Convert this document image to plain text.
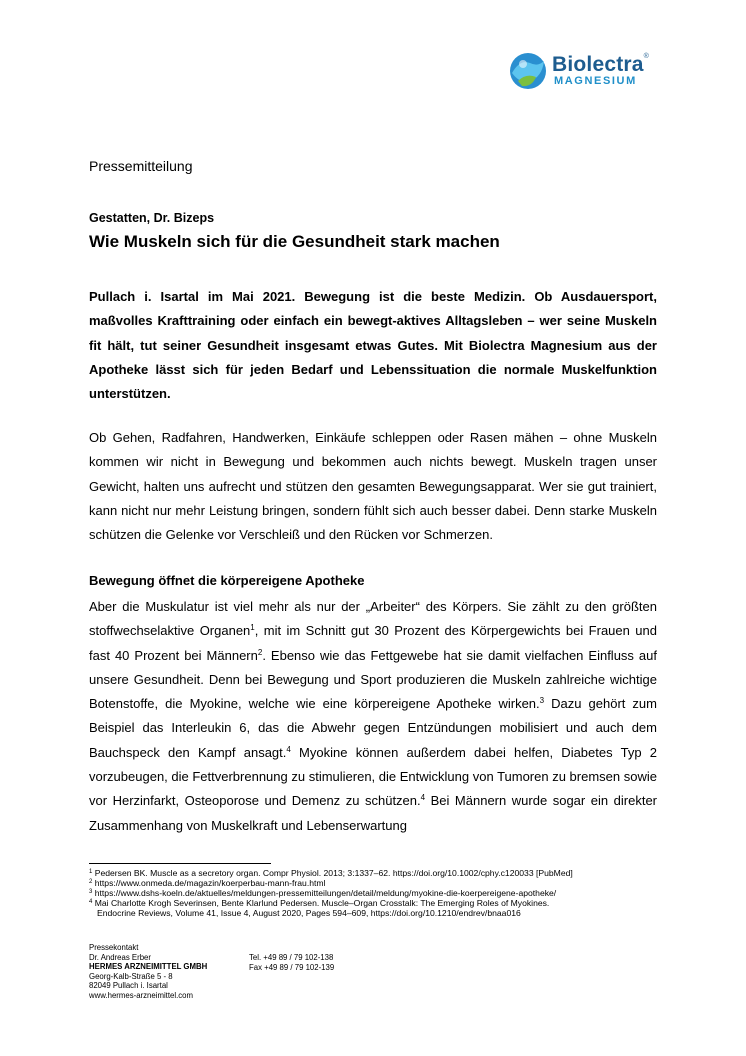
Biolectra®
MAGNESIUM
Pressemitteilung
Gestatten, Dr. Bizeps
Wie Muskeln sich für die Gesundheit stark machen
Pullach i. Isartal im Mai 2021. Bewegung ist die beste Medizin. Ob Ausdauersport, maßvolles Krafttraining oder einfach ein bewegt-aktives Alltagsleben – wer seine Muskeln fit hält, tut seiner Gesundheit insgesamt etwas Gutes. Mit Biolectra Magnesium aus der Apotheke lässt sich für jeden Bedarf und Lebenssituation die normale Muskelfunktion unterstützen.
Ob Gehen, Radfahren, Handwerken, Einkäufe schleppen oder Rasen mähen – ohne Muskeln kommen wir nicht in Bewegung und bekommen auch nichts bewegt. Muskeln tragen unser Gewicht, halten uns aufrecht und stützen den gesamten Bewegungsapparat. Wer sie gut trainiert, kann nicht nur mehr Leistung bringen, sondern fühlt sich auch besser dabei. Denn starke Muskeln schützen die Gelenke vor Verschleiß und den Rücken vor Schmerzen.
Bewegung öffnet die körpereigene Apotheke
Aber die Muskulatur ist viel mehr als nur der „Arbeiter“ des Körpers. Sie zählt zu den größten stoffwechselaktive Organen$^1$, mit im Schnitt gut 30 Prozent des Körpergewichts bei Frauen und fast 40 Prozent bei Männern$^2$. Ebenso wie das Fettgewebe hat sie damit vielfachen Einfluss auf unsere Gesundheit. Denn bei Bewegung und Sport produzieren die Muskeln zahlreiche wichtige Botenstoffe, die Myokine, welche wie eine körpereigene Apotheke wirken.$^3$ Dazu gehört zum Beispiel das Interleukin 6, das die Abwehr gegen Entzündungen mobilisiert und auch dem Bauchspeck den Kampf ansagt.$^4$ Myokine können außerdem dabei helfen, Diabetes Typ 2 vorzubeugen, die Fettverbrennung zu stimulieren, die Entwicklung von Tumoren zu bremsen sowie vor Herzinfarkt, Osteoporose und Demenz zu schützen.$^4$ Bei Männern wurde sogar ein direkter Zusammenhang von Muskelkraft und Lebenserwartung
$^1$ Pedersen BK. Muscle as a secretory organ. Compr Physiol. 2013; 3:1337–62. https://doi.org/10.1002/cphy.c120033 [PubMed]
$^2$ https://www.onmeda.de/magazin/koerperbau-mann-frau.html
$^3$ https://www.dshs-koeln.de/aktuelles/meldungen-pressemitteilungen/detail/meldung/myokine-die-koerpereigene-apotheke/
$^4$ Mai Charlotte Krogh Severinsen, Bente Klarlund Pedersen. Muscle–Organ Crosstalk: The Emerging Roles of Myokines.
Endocrine Reviews, Volume 41, Issue 4, August 2020, Pages 594–609, https://doi.org/10.1210/endrev/bnaa016
Pressekontakt
Dr. Andreas Erber
HERMES ARZNEIMITTEL GMBH
Georg-Kalb-Straße 5 - 8
82049 Pullach i. Isartal
www.hermes-arzneimittel.com
Tel. +49 89 / 79 102-138
Fax +49 89 / 79 102-139
